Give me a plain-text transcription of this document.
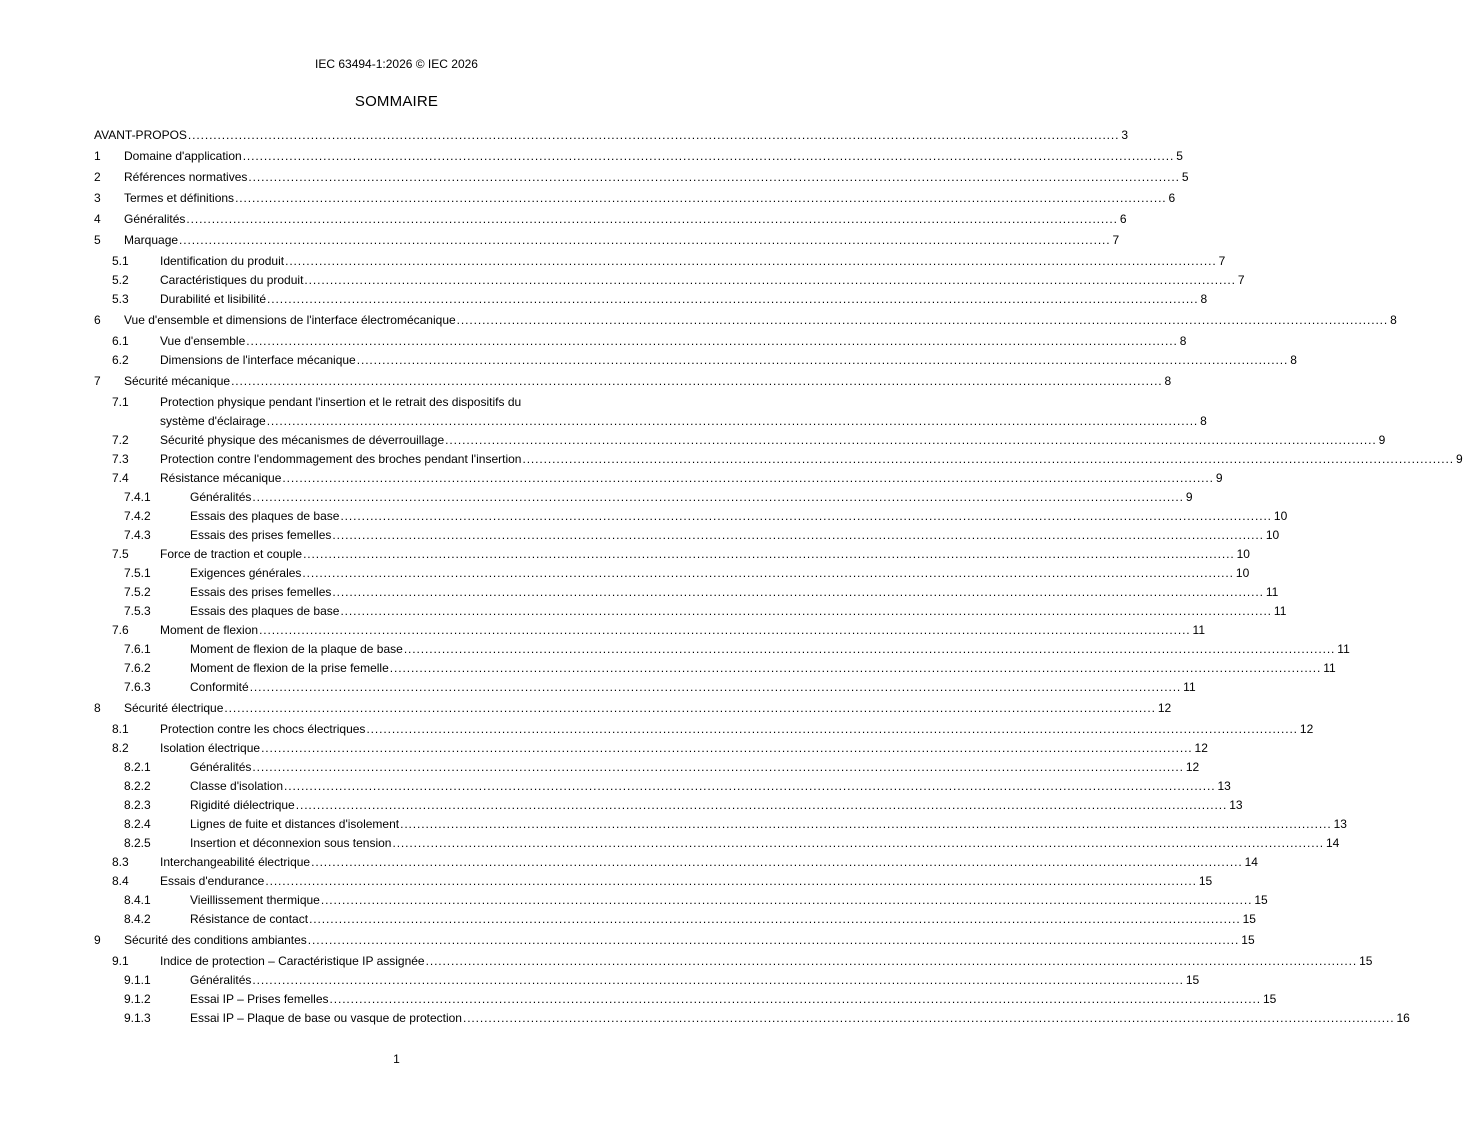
IEC 63494-1:2026 © IEC 2026
SOMMAIRE
AVANT-PROPOS ............................................................................................................................................................................................................................ 3
1 Domaine d'application ............................................................................................................................................................................................................................ 5
2 Références normatives ............................................................................................................................................................................................................................ 5
3 Termes et définitions ............................................................................................................................................................................................................................ 6
4 Généralités ............................................................................................................................................................................................................................ 6
5 Marquage ............................................................................................................................................................................................................................ 7
5.1	Identification du produit ............................................................................................................................................................................................................................ 7
5.2	Caractéristiques du produit ............................................................................................................................................................................................................................ 7
5.3	Durabilité et lisibilité ............................................................................................................................................................................................................................ 8
6 Vue d'ensemble et dimensions de l'interface électromécanique ............................................................................................................................................................................................................................ 8
6.1	Vue d'ensemble ............................................................................................................................................................................................................................ 8
6.2	Dimensions de l'interface mécanique ............................................................................................................................................................................................................................ 8
7 Sécurité mécanique ............................................................................................................................................................................................................................ 8
7.1	Protection physique pendant l'insertion et le retrait des dispositifs du
système d'éclairage ............................................................................................................................................................................................................................ 8
7.2	Sécurité physique des mécanismes de déverrouillage ............................................................................................................................................................................................................................ 9
7.3	Protection contre l'endommagement des broches pendant l'insertion ............................................................................................................................................................................................................................ 9
7.4	Résistance mécanique ............................................................................................................................................................................................................................ 9
7.4.1	Généralités ............................................................................................................................................................................................................................ 9
7.4.2	Essais des plaques de base ............................................................................................................................................................................................................................ 10
7.4.3	Essais des prises femelles ............................................................................................................................................................................................................................ 10
7.5	Force de traction et couple ............................................................................................................................................................................................................................ 10
7.5.1	Exigences générales ............................................................................................................................................................................................................................ 10
7.5.2	Essais des prises femelles ............................................................................................................................................................................................................................ 11
7.5.3	Essais des plaques de base ............................................................................................................................................................................................................................ 11
7.6	Moment de flexion ............................................................................................................................................................................................................................ 11
7.6.1	Moment de flexion de la plaque de base ............................................................................................................................................................................................................................ 11
7.6.2	Moment de flexion de la prise femelle ............................................................................................................................................................................................................................ 11
7.6.3	Conformité ............................................................................................................................................................................................................................ 11
8 Sécurité électrique ............................................................................................................................................................................................................................ 12
8.1	Protection contre les chocs électriques ............................................................................................................................................................................................................................ 12
8.2	Isolation électrique ............................................................................................................................................................................................................................ 12
8.2.1	Généralités ............................................................................................................................................................................................................................ 12
8.2.2	Classe d'isolation ............................................................................................................................................................................................................................ 13
8.2.3	Rigidité diélectrique ............................................................................................................................................................................................................................ 13
8.2.4	Lignes de fuite et distances d'isolement ............................................................................................................................................................................................................................ 13
8.2.5	Insertion et déconnexion sous tension ............................................................................................................................................................................................................................ 14
8.3	Interchangeabilité électrique ............................................................................................................................................................................................................................ 14
8.4	Essais d'endurance ............................................................................................................................................................................................................................ 15
8.4.1	Vieillissement thermique ............................................................................................................................................................................................................................ 15
8.4.2	Résistance de contact ............................................................................................................................................................................................................................ 15
9 Sécurité des conditions ambiantes ............................................................................................................................................................................................................................ 15
9.1	Indice de protection – Caractéristique IP assignée ............................................................................................................................................................................................................................ 15
9.1.1	Généralités ............................................................................................................................................................................................................................ 15
9.1.2	Essai IP – Prises femelles ............................................................................................................................................................................................................................ 15
9.1.3	Essai IP – Plaque de base ou vasque de protection ............................................................................................................................................................................................................................ 16
1
